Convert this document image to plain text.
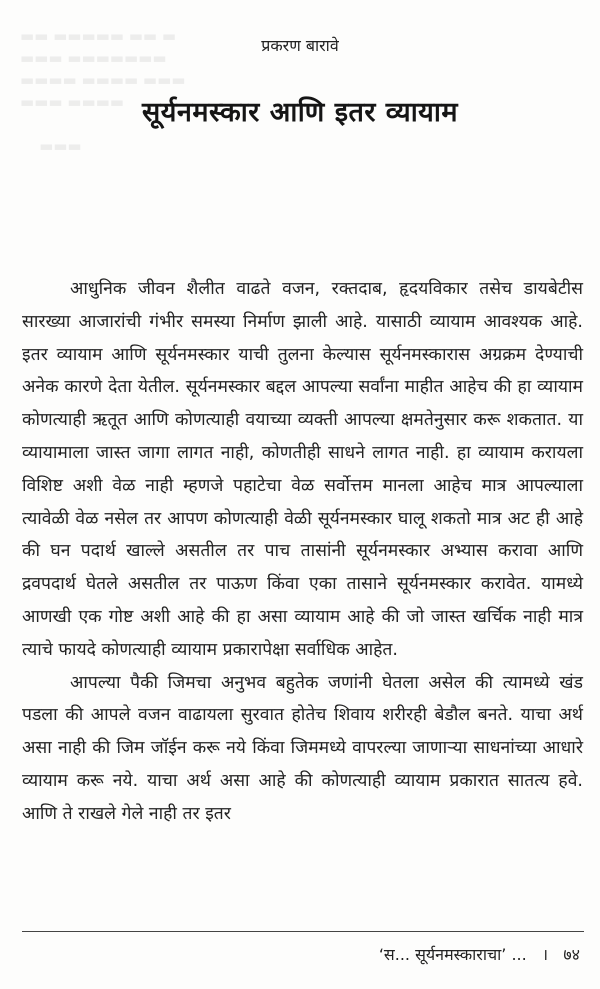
▬▬ ▬▬▬▬▬ ▬▬ ▬
▬▬▬ ▬▬▬▬▬▬▬
▬▬▬▬ ▬▬▬▬ ▬▬▬
▬▬▬ ▬▬▬▬

▬▬▬
प्रकरण बारावे
सूर्यनमस्कार आणि इतर व्यायाम

आधुनिक जीवन शैलीत वाढते वजन, रक्तदाब, हृदयविकार तसेच डायबेटीस सारख्या आजारांची गंभीर समस्या निर्माण झाली आहे. यासाठी व्यायाम आवश्यक आहे. इतर व्यायाम आणि सूर्यनमस्कार याची तुलना केल्यास सूर्यनमस्कारास अग्रक्रम देण्याची अनेक कारणे देता येतील. सूर्यनमस्कार बद्दल आपल्या सर्वांना माहीत आहेच की हा व्यायाम कोणत्याही ऋतूत आणि कोणत्याही वयाच्या व्यक्ती आपल्या क्षमतेनुसार करू शकतात. या व्यायामाला जास्त जागा लागत नाही, कोणतीही साधने लागत नाही. हा व्यायाम करायला विशिष्ट अशी वेळ नाही म्हणजे पहाटेचा वेळ सर्वोत्तम मानला आहेच मात्र आपल्याला त्यावेळी वेळ नसेल तर आपण कोणत्याही वेळी सूर्यनमस्कार घालू शकतो मात्र अट ही आहे की घन पदार्थ खाल्ले असतील तर पाच तासांनी सूर्यनमस्कार अभ्यास करावा आणि द्रवपदार्थ घेतले असतील तर पाऊण किंवा एका तासाने सूर्यनमस्कार करावेत. यामध्ये आणखी एक गोष्ट अशी आहे की हा असा व्यायाम आहे की जो जास्त खर्चिक नाही मात्र त्याचे फायदे कोणत्याही व्यायाम प्रकारापेक्षा सर्वाधिक आहेत.

आपल्या पैकी जिमचा अनुभव बहुतेक जणांनी घेतला असेल की त्यामध्ये खंड पडला की आपले वजन वाढायला सुरवात होतेच शिवाय शरीरही बेडौल बनते. याचा अर्थ असा नाही की जिम जॉईन करू नये किंवा जिममध्ये वापरल्या जाणाऱ्या साधनांच्या आधारे व्यायाम करू नये. याचा अर्थ असा आहे की कोणत्याही व्यायाम प्रकारात सातत्य हवे. आणि ते राखले गेले नाही तर इतर

‘स... सूर्यनमस्काराचा’ ... । ७४
